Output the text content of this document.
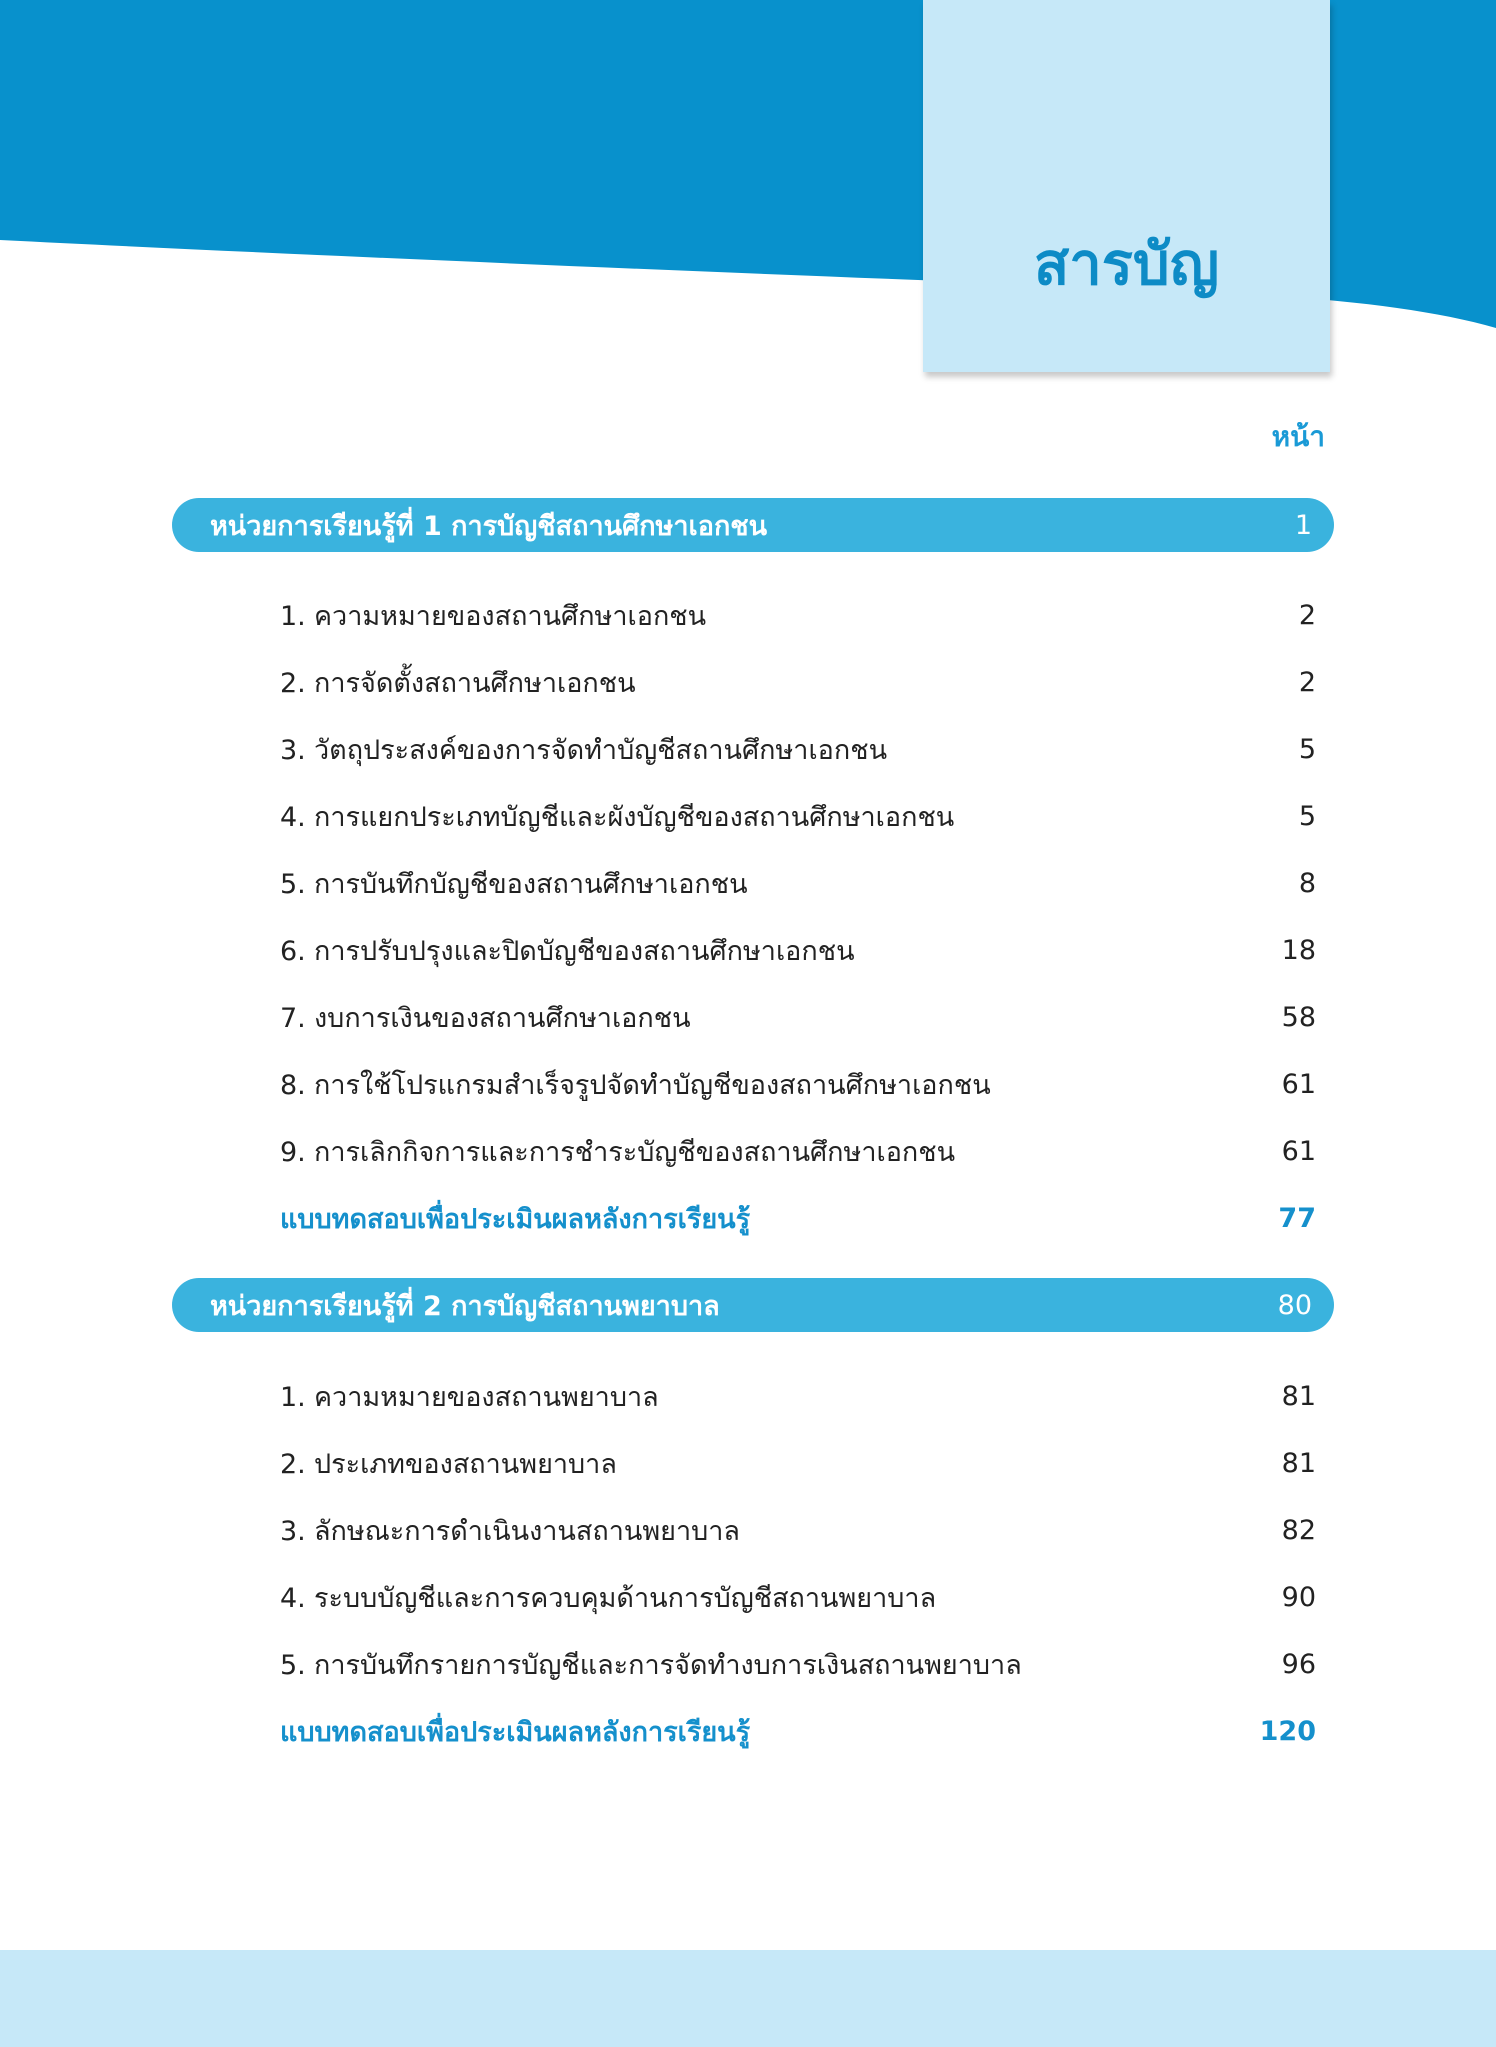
สารบัญ
หน้า
หน่วยการเรียนรู้ที่ 1 การบัญชีสถานศึกษาเอกชน	1
1. ความหมายของสถานศึกษาเอกชน	2
2. การจัดตั้งสถานศึกษาเอกชน	2
3. วัตถุประสงค์ของการจัดทำบัญชีสถานศึกษาเอกชน	5
4. การแยกประเภทบัญชีและผังบัญชีของสถานศึกษาเอกชน	5
5. การบันทึกบัญชีของสถานศึกษาเอกชน	8
6. การปรับปรุงและปิดบัญชีของสถานศึกษาเอกชน	18
7. งบการเงินของสถานศึกษาเอกชน	58
8. การใช้โปรแกรมสำเร็จรูปจัดทำบัญชีของสถานศึกษาเอกชน	61
9. การเลิกกิจการและการชำระบัญชีของสถานศึกษาเอกชน	61
แบบทดสอบเพื่อประเมินผลหลังการเรียนรู้	77
หน่วยการเรียนรู้ที่ 2 การบัญชีสถานพยาบาล	80
1. ความหมายของสถานพยาบาล	81
2. ประเภทของสถานพยาบาล	81
3. ลักษณะการดำเนินงานสถานพยาบาล	82
4. ระบบบัญชีและการควบคุมด้านการบัญชีสถานพยาบาล	90
5. การบันทึกรายการบัญชีและการจัดทำงบการเงินสถานพยาบาล	96
แบบทดสอบเพื่อประเมินผลหลังการเรียนรู้	120
